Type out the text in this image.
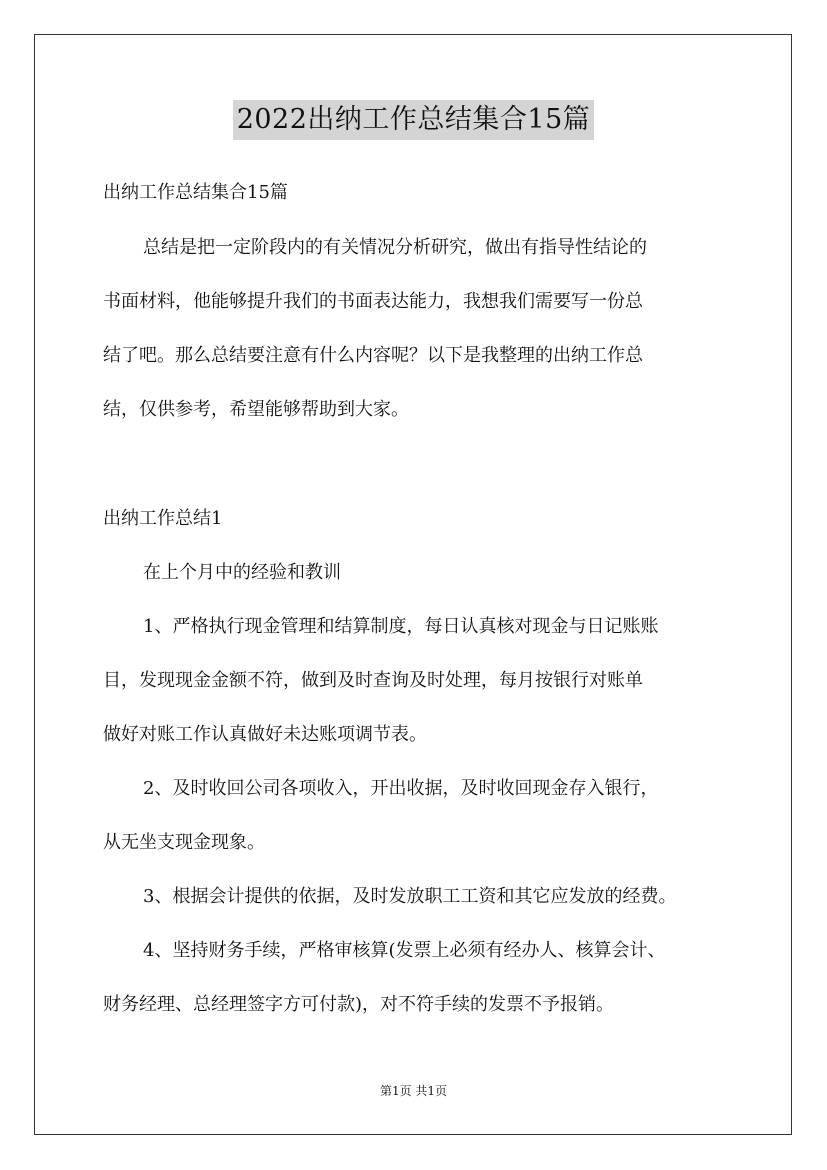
2022出纳工作总结集合15篇
出纳工作总结集合15篇
总结是把一定阶段内的有关情况分析研究，做出有指导性结论的
书面材料，他能够提升我们的书面表达能力，我想我们需要写一份总
结了吧。那么总结要注意有什么内容呢？以下是我整理的出纳工作总
结，仅供参考，希望能够帮助到大家。
出纳工作总结1
在上个月中的经验和教训
1、严格执行现金管理和结算制度，每日认真核对现金与日记账账
目，发现现金金额不符，做到及时查询及时处理，每月按银行对账单
做好对账工作认真做好未达账项调节表。
2、及时收回公司各项收入，开出收据，及时收回现金存入银行，
从无坐支现金现象。
3、根据会计提供的依据，及时发放职工工资和其它应发放的经费。
4、坚持财务手续，严格审核算(发票上必须有经办人、核算会计、
财务经理、总经理签字方可付款)，对不符手续的发票不予报销。
第1页 共1页
